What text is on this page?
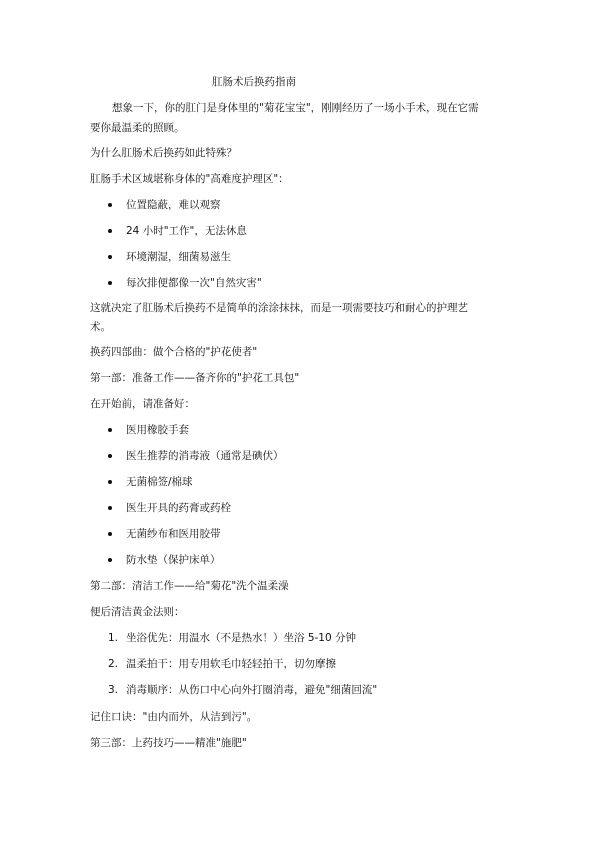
肛肠术后换药指南
想象一下，你的肛门是身体里的"菊花宝宝"，刚刚经历了一场小手术，现在它需
要你最温柔的照顾。
为什么肛肠术后换药如此特殊？
肛肠手术区域堪称身体的"高难度护理区"：
位置隐蔽，难以观察
24 小时"工作"，无法休息
环境潮湿，细菌易滋生
每次排便都像一次"自然灾害"
这就决定了肛肠术后换药不是简单的涂涂抹抹，而是一项需要技巧和耐心的护理艺
术。
换药四部曲：做个合格的"护花使者"
第一部：准备工作——备齐你的"护花工具包"
在开始前，请准备好：
医用橡胶手套
医生推荐的消毒液（通常是碘伏）
无菌棉签/棉球
医生开具的药膏或药栓
无菌纱布和医用胶带
防水垫（保护床单）
第二部：清洁工作——给"菊花"洗个温柔澡
便后清洁黄金法则：
1. 坐浴优先：用温水（不是热水！）坐浴 5-10 分钟
2. 温柔拍干：用专用软毛巾轻轻拍干，切勿摩擦
3. 消毒顺序：从伤口中心向外打圈消毒，避免"细菌回流"
记住口诀："由内而外，从洁到污"。
第三部：上药技巧——精准"施肥"
